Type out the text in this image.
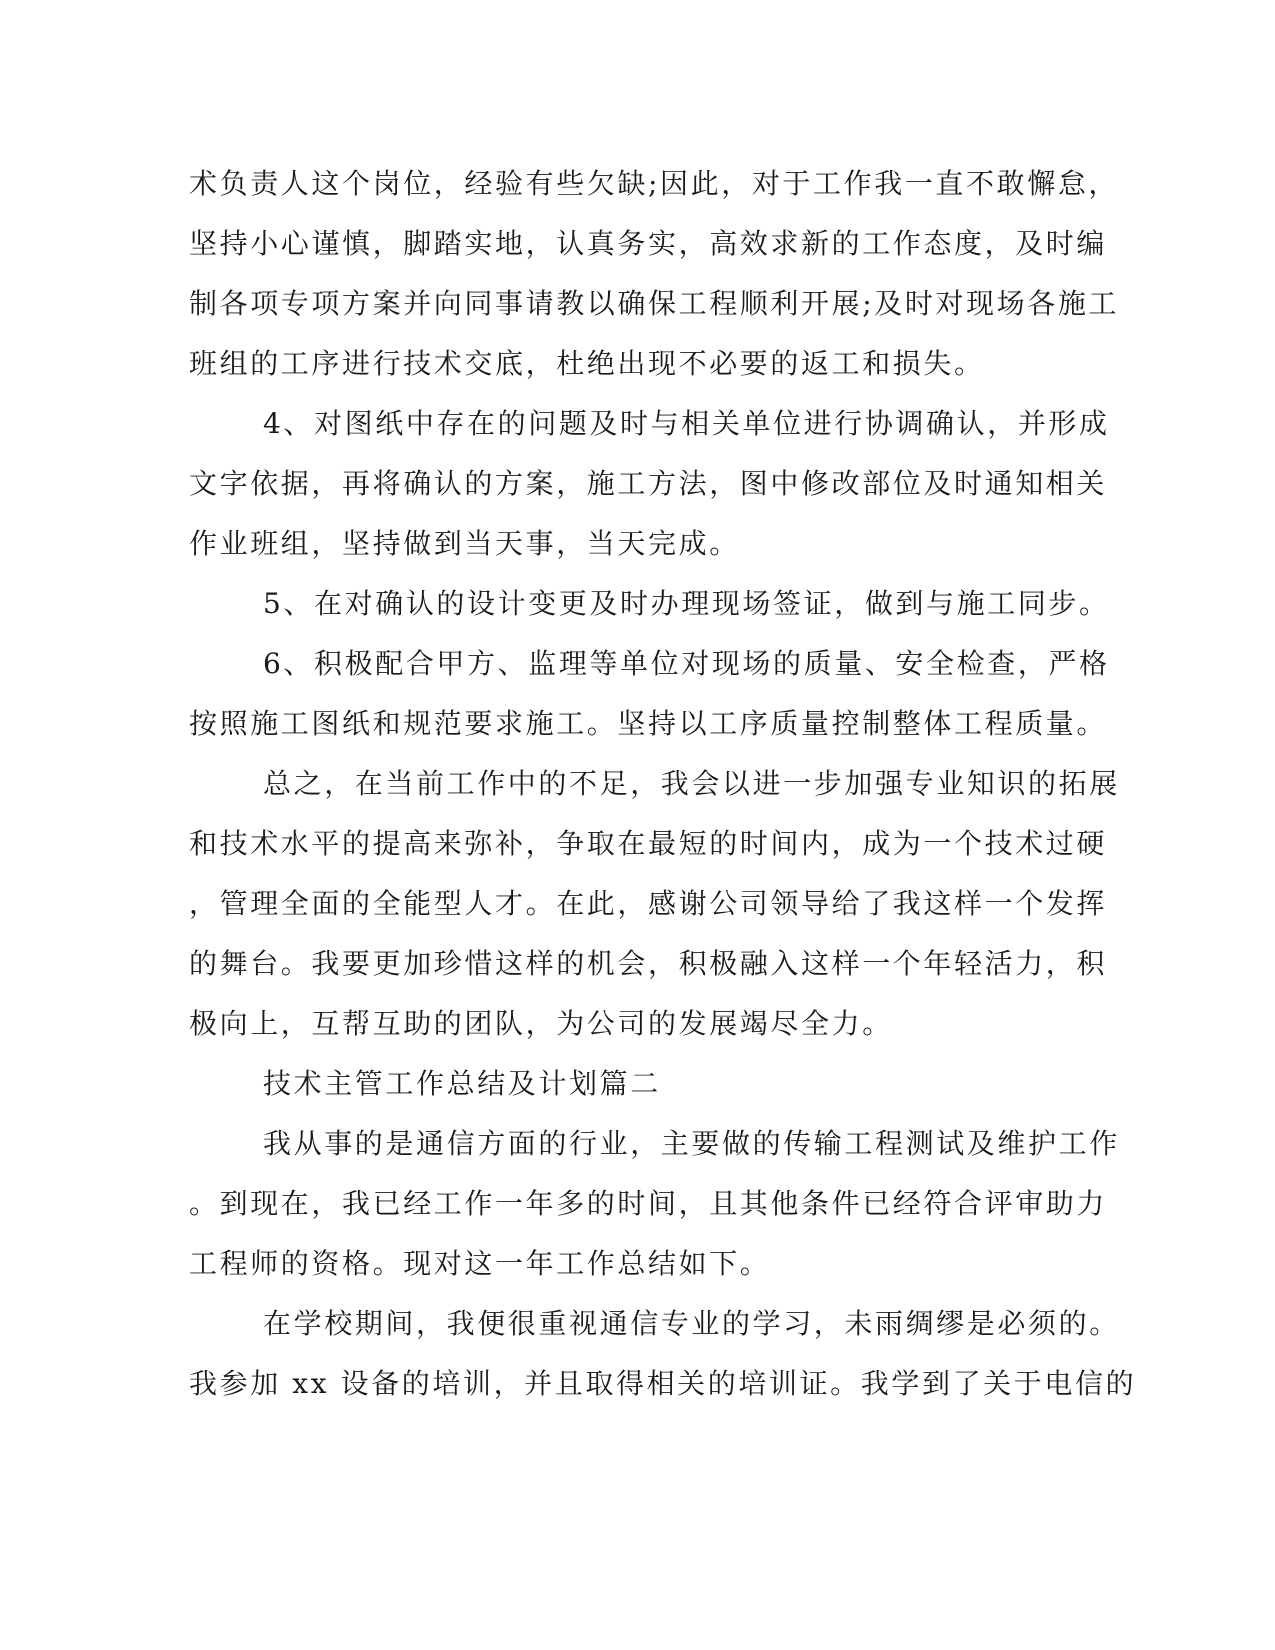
术负责人这个岗位，经验有些欠缺;因此，对于工作我一直不敢懈怠，
坚持小心谨慎，脚踏实地，认真务实，高效求新的工作态度，及时编
制各项专项方案并向同事请教以确保工程顺利开展;及时对现场各施工
班组的工序进行技术交底，杜绝出现不必要的返工和损失。
4、对图纸中存在的问题及时与相关单位进行协调确认，并形成
文字依据，再将确认的方案，施工方法，图中修改部位及时通知相关
作业班组，坚持做到当天事，当天完成。
5、在对确认的设计变更及时办理现场签证，做到与施工同步。
6、积极配合甲方、监理等单位对现场的质量、安全检查，严格
按照施工图纸和规范要求施工。坚持以工序质量控制整体工程质量。
总之，在当前工作中的不足，我会以进一步加强专业知识的拓展
和技术水平的提高来弥补，争取在最短的时间内，成为一个技术过硬
，管理全面的全能型人才。在此，感谢公司领导给了我这样一个发挥
的舞台。我要更加珍惜这样的机会，积极融入这样一个年轻活力，积
极向上，互帮互助的团队，为公司的发展竭尽全力。
技术主管工作总结及计划篇二
我从事的是通信方面的行业，主要做的传输工程测试及维护工作
。到现在，我已经工作一年多的时间，且其他条件已经符合评审助力
工程师的资格。现对这一年工作总结如下。
在学校期间，我便很重视通信专业的学习，未雨绸缪是必须的。
我参加 xx 设备的培训，并且取得相关的培训证。我学到了关于电信的
